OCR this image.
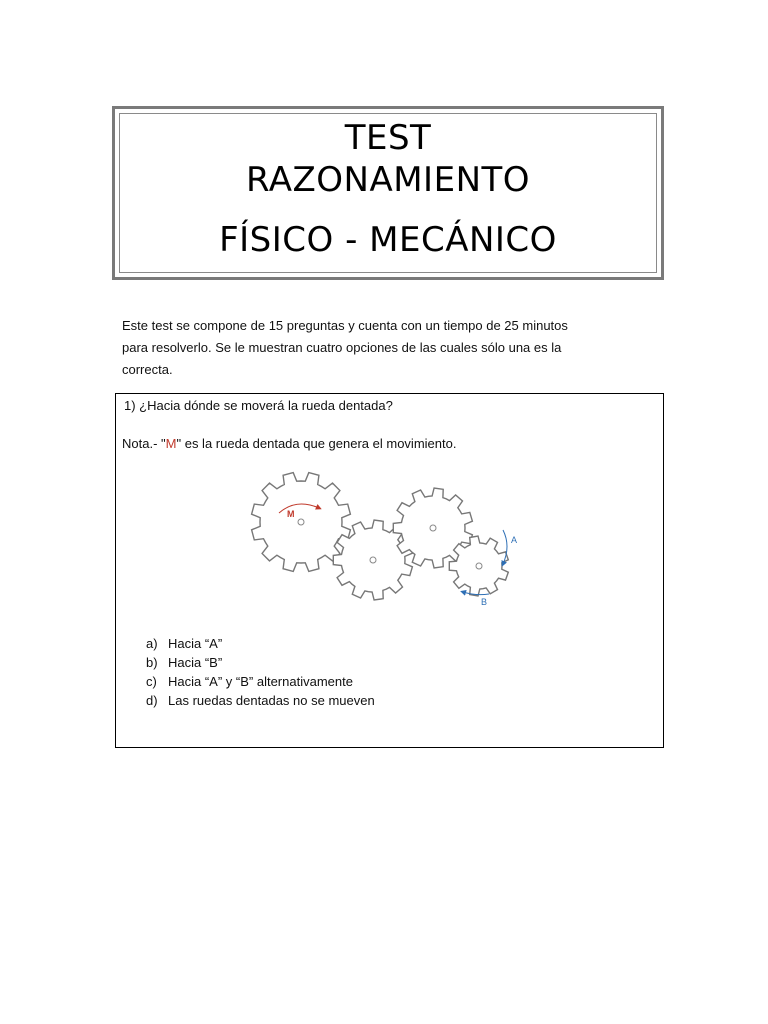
TEST
RAZONAMIENTO
FÍSICO - MECÁNICO
Este test se compone de 15 preguntas y cuenta con un tiempo de 25 minutos
para resolverlo. Se le muestran cuatro opciones de las cuales sólo una es la
correcta.
1) ¿Hacia dónde se moverá la rueda dentada?
Nota.- "M" es la rueda dentada que genera el movimiento.
M
A
B
a) Hacia “A”
b) Hacia “B”
c) Hacia “A” y “B” alternativamente
d) Las ruedas dentadas no se mueven
